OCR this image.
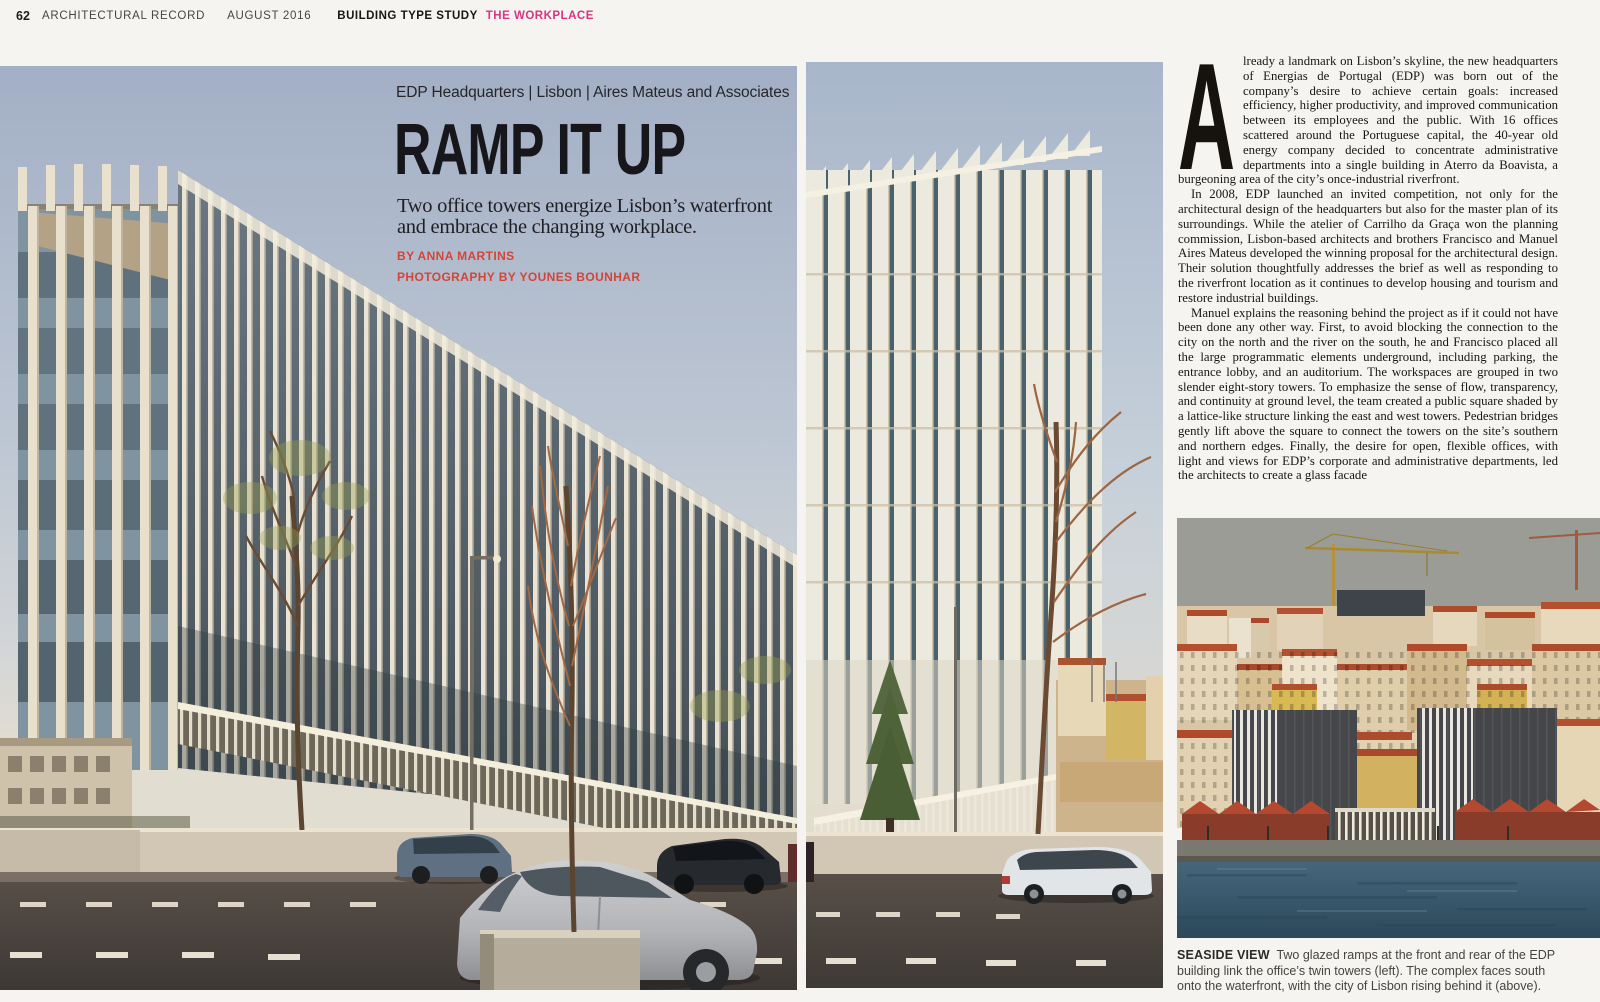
62 ARCHITECTURAL RECORD AUGUST 2016 BUILDING TYPE STUDY THE WORKPLACE
EDP Headquarters | Lisbon | Aires Mateus and Associates
RAMP IT UP
Two office towers energize Lisbon’s waterfront
and embrace the changing workplace.
BY ANNA MARTINS
PHOTOGRAPHY BY YOUNES BOUNHAR
A lready a landmark on Lisbon’s skyline, the new headquarters of Energias de Portugal (EDP) was born out of the company’s desire to achieve certain goals: increased efficiency, higher productivity, and improved communication between its employees and the public. With 16 offices scattered around the Portuguese capital, the 40-year old energy company decided to concentrate administrative departments into a single building in Aterro da Boavista, a burgeoning area of the city’s once-industrial riverfront.

In 2008, EDP launched an invited competition, not only for the architectural design of the headquarters but also for the master plan of its surroundings. While the atelier of Carrilho da Graça won the planning commission, Lisbon-based architects and brothers Francisco and Manuel Aires Mateus developed the winning proposal for the architectural design. Their solution thoughtfully addresses the brief as well as responding to the riverfront location as it continues to develop housing and tourism and restore industrial buildings.

Manuel explains the reasoning behind the project as if it could not have been done any other way. First, to avoid blocking the connection to the city on the north and the river on the south, he and Francisco placed all the large programmatic elements underground, including parking, the entrance lobby, and an auditorium. The workspaces are grouped in two slender eight-story towers. To emphasize the sense of flow, transparency, and continuity at ground level, the team created a public square shaded by a lattice-like structure linking the east and west towers. Pedestrian bridges gently lift above the square to connect the towers on the site’s southern and northern edges. Finally, the desire for open, flexible offices, with light and views for EDP’s corporate and administrative departments, led the architects to create a glass facade

SEASIDE VIEW Two glazed ramps at the front and rear of the EDP building link the office’s twin towers (left). The complex faces south onto the waterfront, with the city of Lisbon rising behind it (above).
